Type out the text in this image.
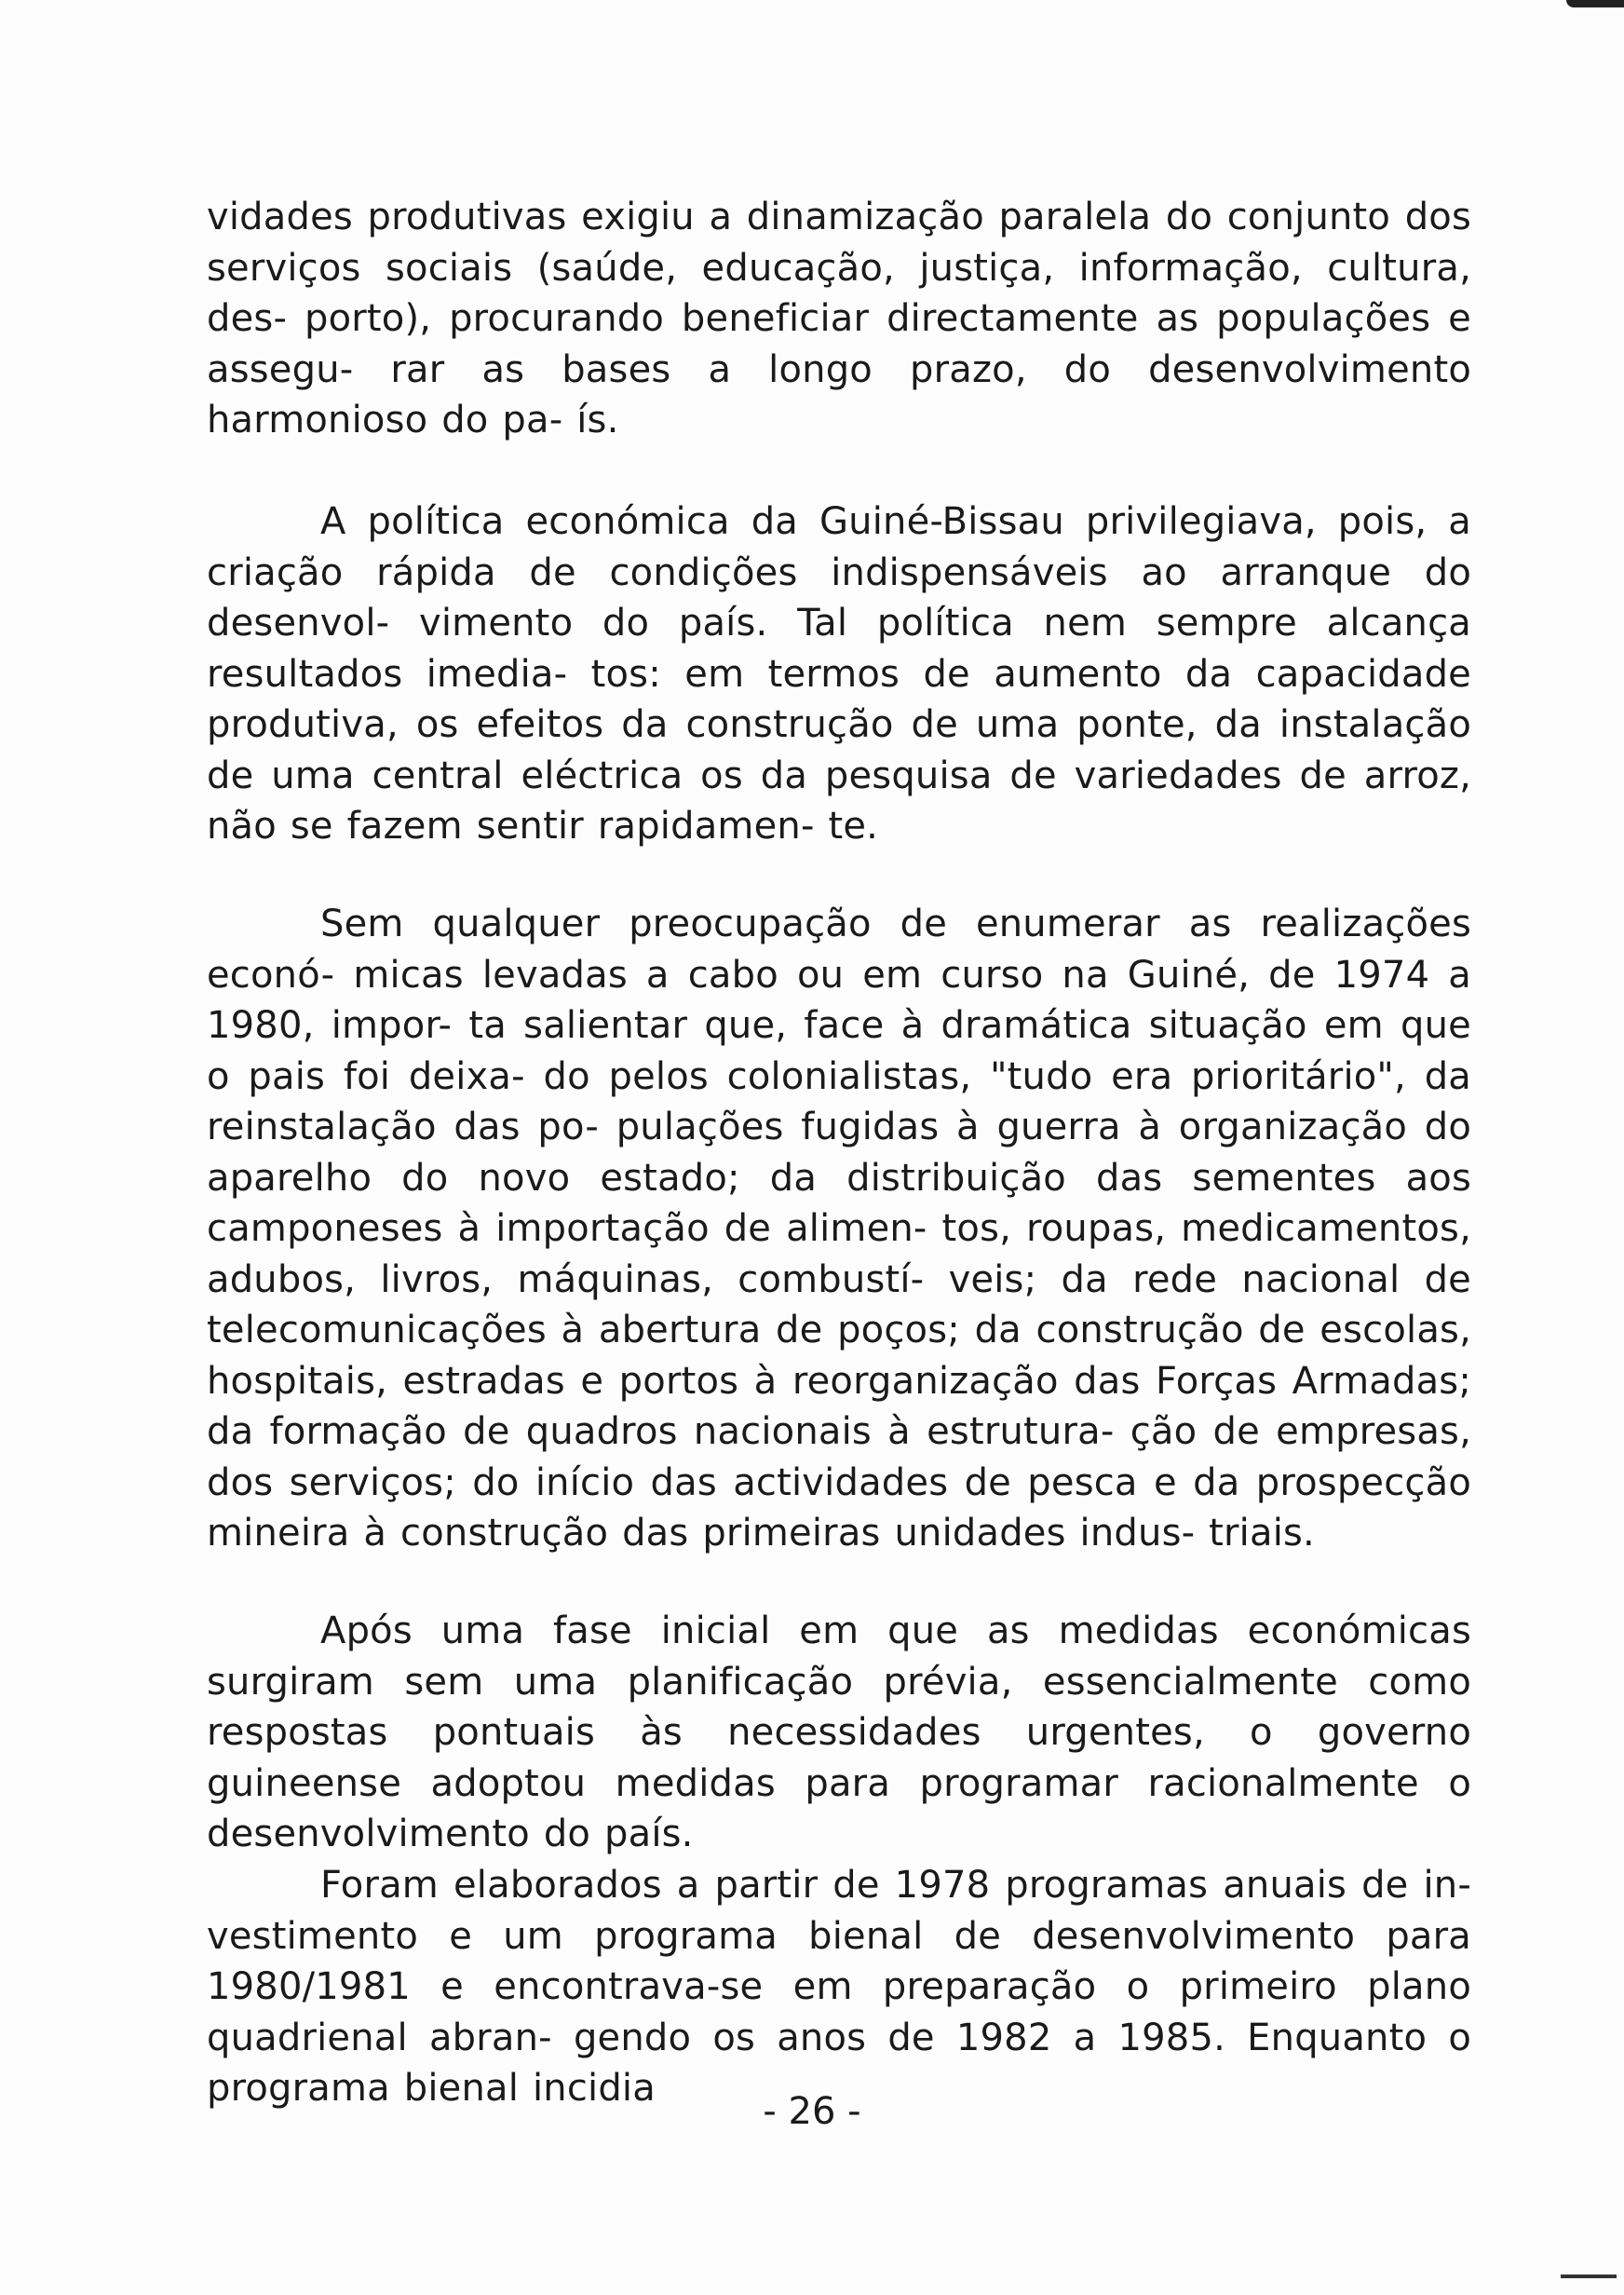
vidades produtivas exigiu a dinamização paralela do conjunto dos serviços sociais (saúde, educação, justiça, informação, cultura, des- porto), procurando beneficiar directamente as populações e assegu- rar as bases a longo prazo, do desenvolvimento harmonioso do pa- ís.

A política económica da Guiné-Bissau privilegiava, pois, a criação rápida de condições indispensáveis ao arranque do desenvol- vimento do país. Tal política nem sempre alcança resultados imedia- tos: em termos de aumento da capacidade produtiva, os efeitos da construção de uma ponte, da instalação de uma central eléctrica os da pesquisa de variedades de arroz, não se fazem sentir rapidamen- te.

Sem qualquer preocupação de enumerar as realizações econó- micas levadas a cabo ou em curso na Guiné, de 1974 a 1980, impor- ta salientar que, face à dramática situação em que o pais foi deixa- do pelos colonialistas, "tudo era prioritário", da reinstalação das po- pulações fugidas à guerra à organização do aparelho do novo estado; da distribuição das sementes aos camponeses à importação de alimen- tos, roupas, medicamentos, adubos, livros, máquinas, combustí- veis; da rede nacional de telecomunicações à abertura de poços; da construção de escolas, hospitais, estradas e portos à reorganização das Forças Armadas; da formação de quadros nacionais à estrutura- ção de empresas, dos serviços; do início das actividades de pesca e da prospecção mineira à construção das primeiras unidades indus- triais.

Após uma fase inicial em que as medidas económicas surgiram sem uma planificação prévia, essencialmente como respostas pontuais às necessidades urgentes, o governo guineense adoptou medidas para programar racionalmente o desenvolvimento do país.

Foram elaborados a partir de 1978 programas anuais de in- vestimento e um programa bienal de desenvolvimento para 1980/1981 e encontrava-se em preparação o primeiro plano quadrienal abran- gendo os anos de 1982 a 1985. Enquanto o programa bienal incidia

- 26 -
